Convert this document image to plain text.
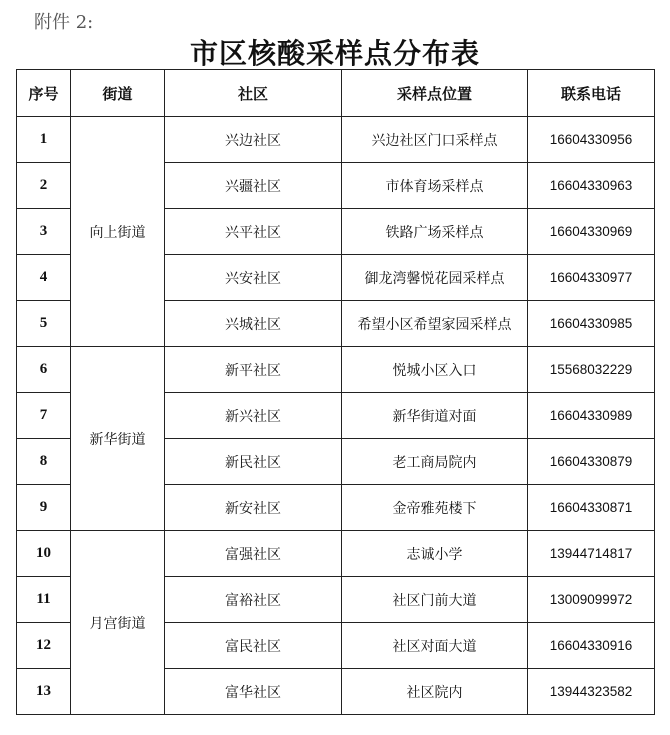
附件 2:
市区核酸采样点分布表
序号	街道	社区	采样点位置	联系电话
1	向上街道	兴边社区	兴边社区门口采样点	16604330956
2		兴疆社区	市体育场采样点	16604330963
3		兴平社区	铁路广场采样点	16604330969
4		兴安社区	御龙湾馨悦花园采样点	16604330977
5		兴城社区	希望小区希望家园采样点	16604330985
6	新华街道	新平社区	悦城小区入口	15568032229
7		新兴社区	新华街道对面	16604330989
8		新民社区	老工商局院内	16604330879
9		新安社区	金帝雅苑楼下	16604330871
10	月宫街道	富强社区	志诚小学	13944714817
11		富裕社区	社区门前大道	13009099972
12		富民社区	社区对面大道	16604330916
13		富华社区	社区院内	13944323582
